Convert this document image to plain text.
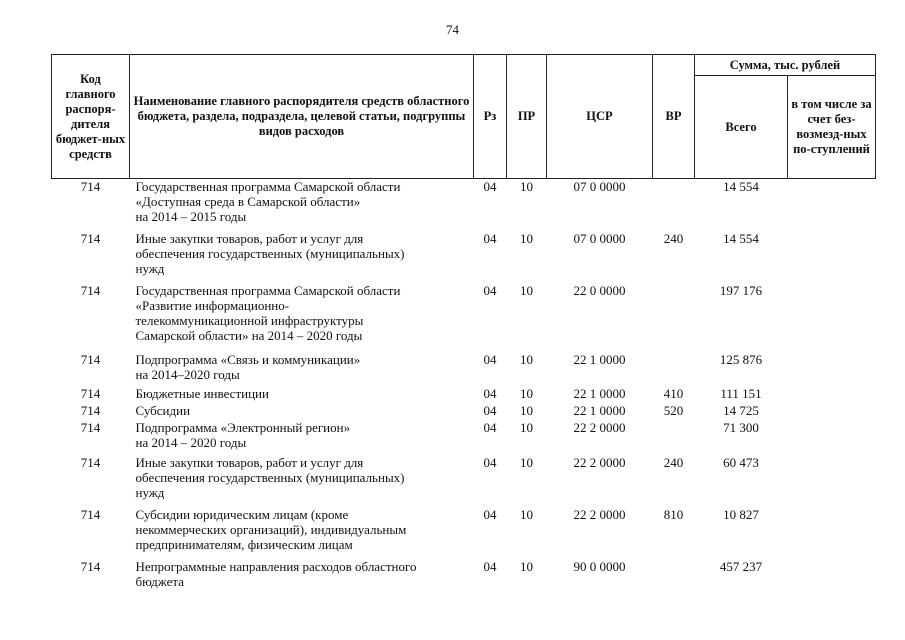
74
Код главного распоря-дителя бюджет-ных средств	Наименование главного распорядителя средств областного бюджета, раздела, подраздела, целевой статьи, подгруппы видов расходов	Рз	ПР	ЦСР	ВР	Сумма, тыс. рублей	
						Всего	в том числе за счет без-возмезд-ных по-ступлений
714	Государственная программа Самарской области
«Доступная среда в Самарской области»
на 2014 – 2015 годы	04	10	07 0 0000		14 554	
714	Иные закупки товаров, работ и услуг для
обеспечения государственных (муниципальных)
нужд	04	10	07 0 0000	240	14 554	
714	Государственная программа Самарской области
«Развитие информационно-
телекоммуникационной инфраструктуры
Самарской области» на 2014 – 2020 годы	04	10	22 0 0000		197 176	
714	Подпрограмма «Связь и коммуникации»
на 2014–2020 годы	04	10	22 1 0000		125 876	
714	Бюджетные инвестиции	04	10	22 1 0000	410	111 151	
714	Субсидии	04	10	22 1 0000	520	14 725	
714	Подпрограмма «Электронный регион»
на 2014 – 2020 годы	04	10	22 2 0000		71 300	
714	Иные закупки товаров, работ и услуг для
обеспечения государственных (муниципальных)
нужд	04	10	22 2 0000	240	60 473	
714	Субсидии юридическим лицам (кроме
некоммерческих организаций), индивидуальным
предпринимателям, физическим лицам	04	10	22 2 0000	810	10 827	
714	Непрограммные направления расходов областного
бюджета	04	10	90 0 0000		457 237	
